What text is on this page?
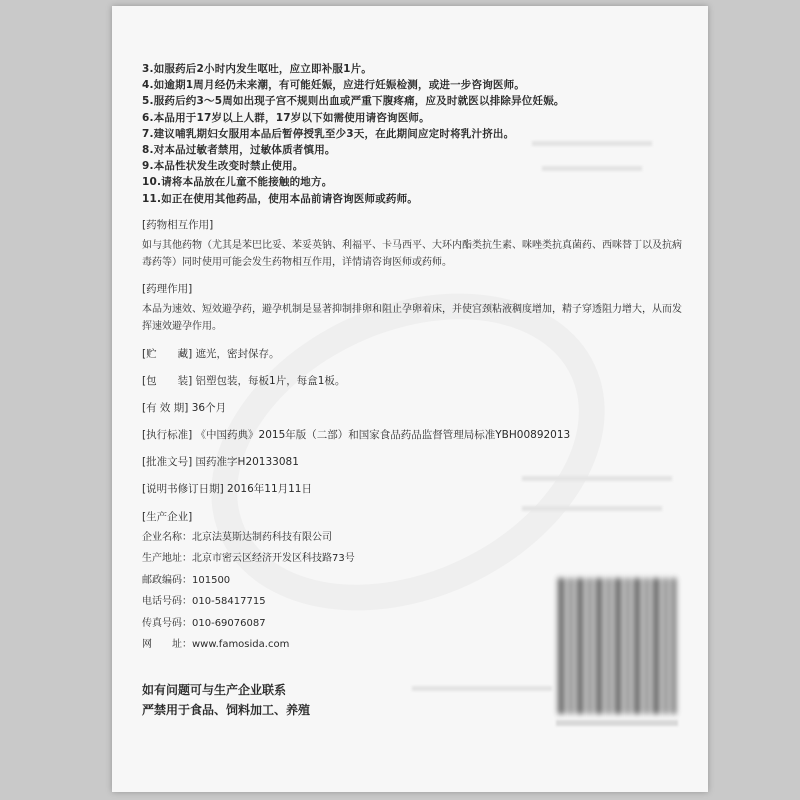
3.如服药后2小时内发生呕吐，应立即补服1片。
4.如逾期1周月经仍未来潮，有可能妊娠，应进行妊娠检测，或进一步咨询医师。
5.服药后约3～5周如出现子宫不规则出血或严重下腹疼痛，应及时就医以排除异位妊娠。
6.本品用于17岁以上人群，17岁以下如需使用请咨询医师。
7.建议哺乳期妇女服用本品后暂停授乳至少3天，在此期间应定时将乳汁挤出。
8.对本品过敏者禁用，过敏体质者慎用。
9.本品性状发生改变时禁止使用。
10.请将本品放在儿童不能接触的地方。
11.如正在使用其他药品，使用本品前请咨询医师或药师。
[药物相互作用]
如与其他药物（尤其是苯巴比妥、苯妥英钠、利福平、卡马西平、大环内酯类抗生素、咪唑类抗真菌药、西咪替丁以及抗病毒药等）同时使用可能会发生药物相互作用，详情请咨询医师或药师。
[药理作用]
本品为速效、短效避孕药，避孕机制是显著抑制排卵和阻止孕卵着床，并使宫颈粘液稠度增加，精子穿透阻力增大，从而发挥速效避孕作用。
[贮　　藏] 遮光，密封保存。
[包　　装] 铝塑包装，每板1片，每盒1板。
[有 效 期] 36个月
[执行标准] 《中国药典》2015年版（二部）和国家食品药品监督管理局标准YBH00892013
[批准文号] 国药准字H20133081
[说明书修订日期] 2016年11月11日
[生产企业]
企业名称：北京法莫斯达制药科技有限公司
生产地址：北京市密云区经济开发区科技路73号
邮政编码：101500
电话号码：010-58417715
传真号码：010-69076087
网　　址：www.famosida.com
如有问题可与生产企业联系
严禁用于食品、饲料加工、养殖
